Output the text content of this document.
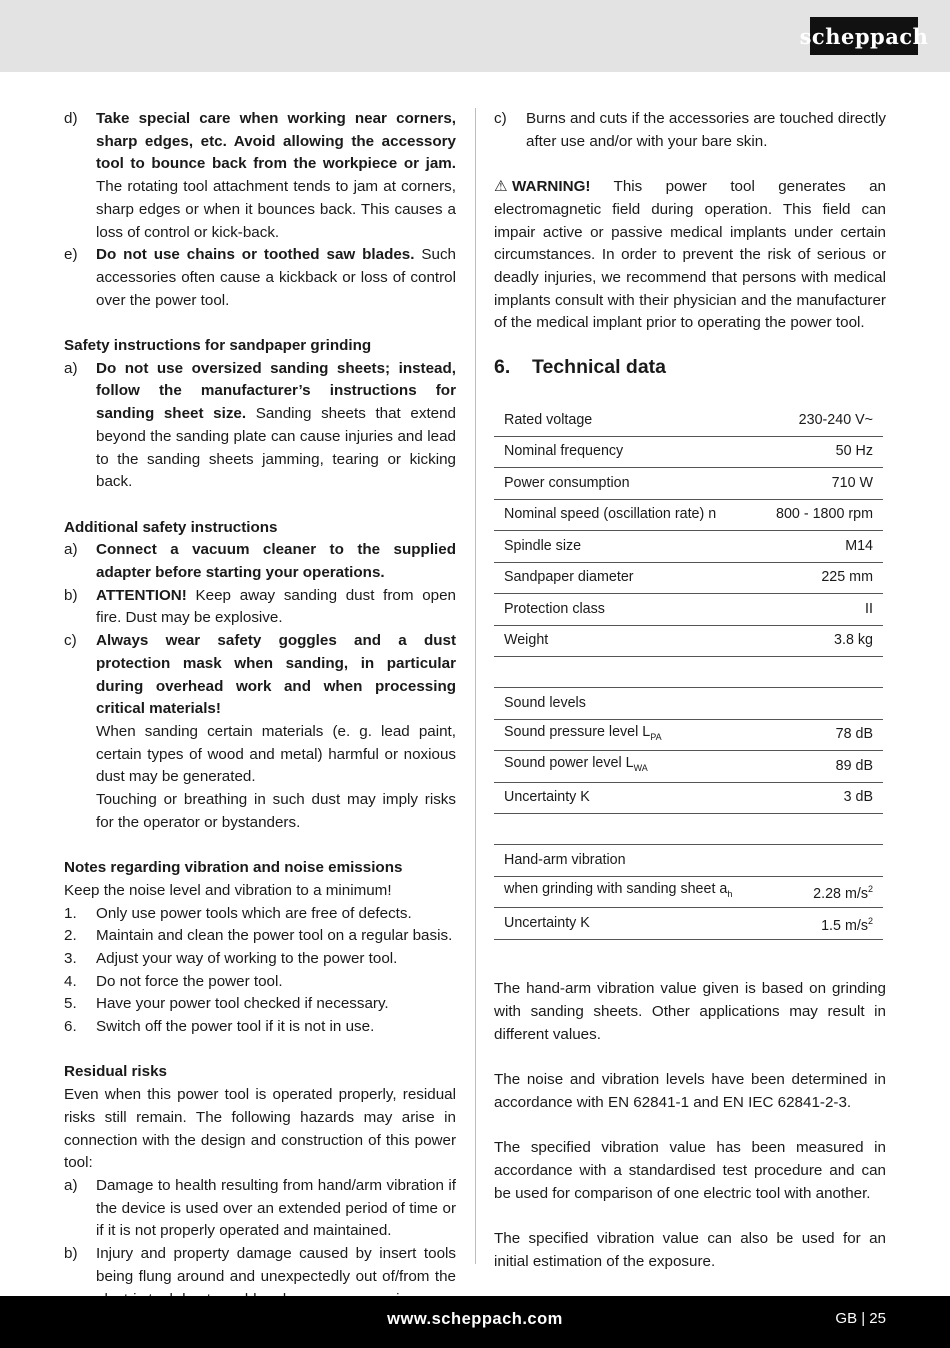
scheppach
d) Take special care when working near corners, sharp edges, etc. Avoid allowing the accessory tool to bounce back from the workpiece or jam. The rotating tool attachment tends to jam at corners, sharp edges or when it bounces back. This causes a loss of control or kick-back.
e) Do not use chains or toothed saw blades. Such accessories often cause a kickback or loss of control over the power tool.

Safety instructions for sandpaper grinding

a) Do not use oversized sanding sheets; instead, follow the manufacturer’s instructions for sanding sheet size. Sanding sheets that extend beyond the sanding plate can cause injuries and lead to the sanding sheets jamming, tearing or kicking back.

Additional safety instructions

a) Connect a vacuum cleaner to the supplied adapter before starting your operations.
b) ATTENTION! Keep away sanding dust from open fire. Dust may be explosive.
c) Always wear safety goggles and a dust protection mask when sanding, in particular during overhead work and when processing critical materials!
When sanding certain materials (e. g. lead paint, certain types of wood and metal) harmful or noxious dust may be generated.
Touching or breathing in such dust may imply risks for the operator or bystanders.

Notes regarding vibration and noise emissions

Keep the noise level and vibration to a minimum!

1. Only use power tools which are free of defects.
2. Maintain and clean the power tool on a regular basis.
3. Adjust your way of working to the power tool.
4. Do not force the power tool.
5. Have your power tool checked if necessary.
6. Switch off the power tool if it is not in use.

Residual risks

Even when this power tool is operated properly, residual risks still remain. The following hazards may arise in connection with the design and construction of this power tool:

a) Damage to health resulting from hand/arm vibration if the device is used over an extended period of time or if it is not properly operated and maintained.
b) Injury and property damage caused by insert tools being flung around and unexpectedly out of/from the
c) Burns and cuts if the accessories are touched directly after use and/or with your bare skin.

⚠ WARNING! This power tool generates an electromagnetic field during operation. This field can impair active or passive medical implants under certain circumstances. In order to prevent the risk of serious or deadly injuries, we recommend that persons with medical implants consult with their physician and the manufacturer of the medical implant prior to operating the power tool.

6. Technical data
Rated voltage	230-240 V~
Nominal frequency	50 Hz
Power consumption	710 W
Nominal speed (oscillation rate) n	800 - 1800 rpm
Spindle size	M14
Sandpaper diameter	225 mm
Protection class	II
Weight	3.8 kg
Sound levels	
Sound pressure level $L_{PA}$	78 dB
Sound power level $L_{WA}$	89 dB
Uncertainty K	3 dB
Hand-arm vibration	
when grinding with sanding sheet $a_h$	2.28 $m/s^2$
Uncertainty K	1.5 $m/s^2$

The hand-arm vibration value given is based on grinding with sanding sheets. Other applications may result in different values.

The noise and vibration levels have been determined in accordance with EN 62841-1 and EN IEC 62841-2-3.

The specified vibration value has been measured in accordance with a standardised test procedure and can be used for comparison of one electric tool with another.

The specified vibration value can also be used for an initial estimation of the exposure.

www.scheppach.com	GB | 25
